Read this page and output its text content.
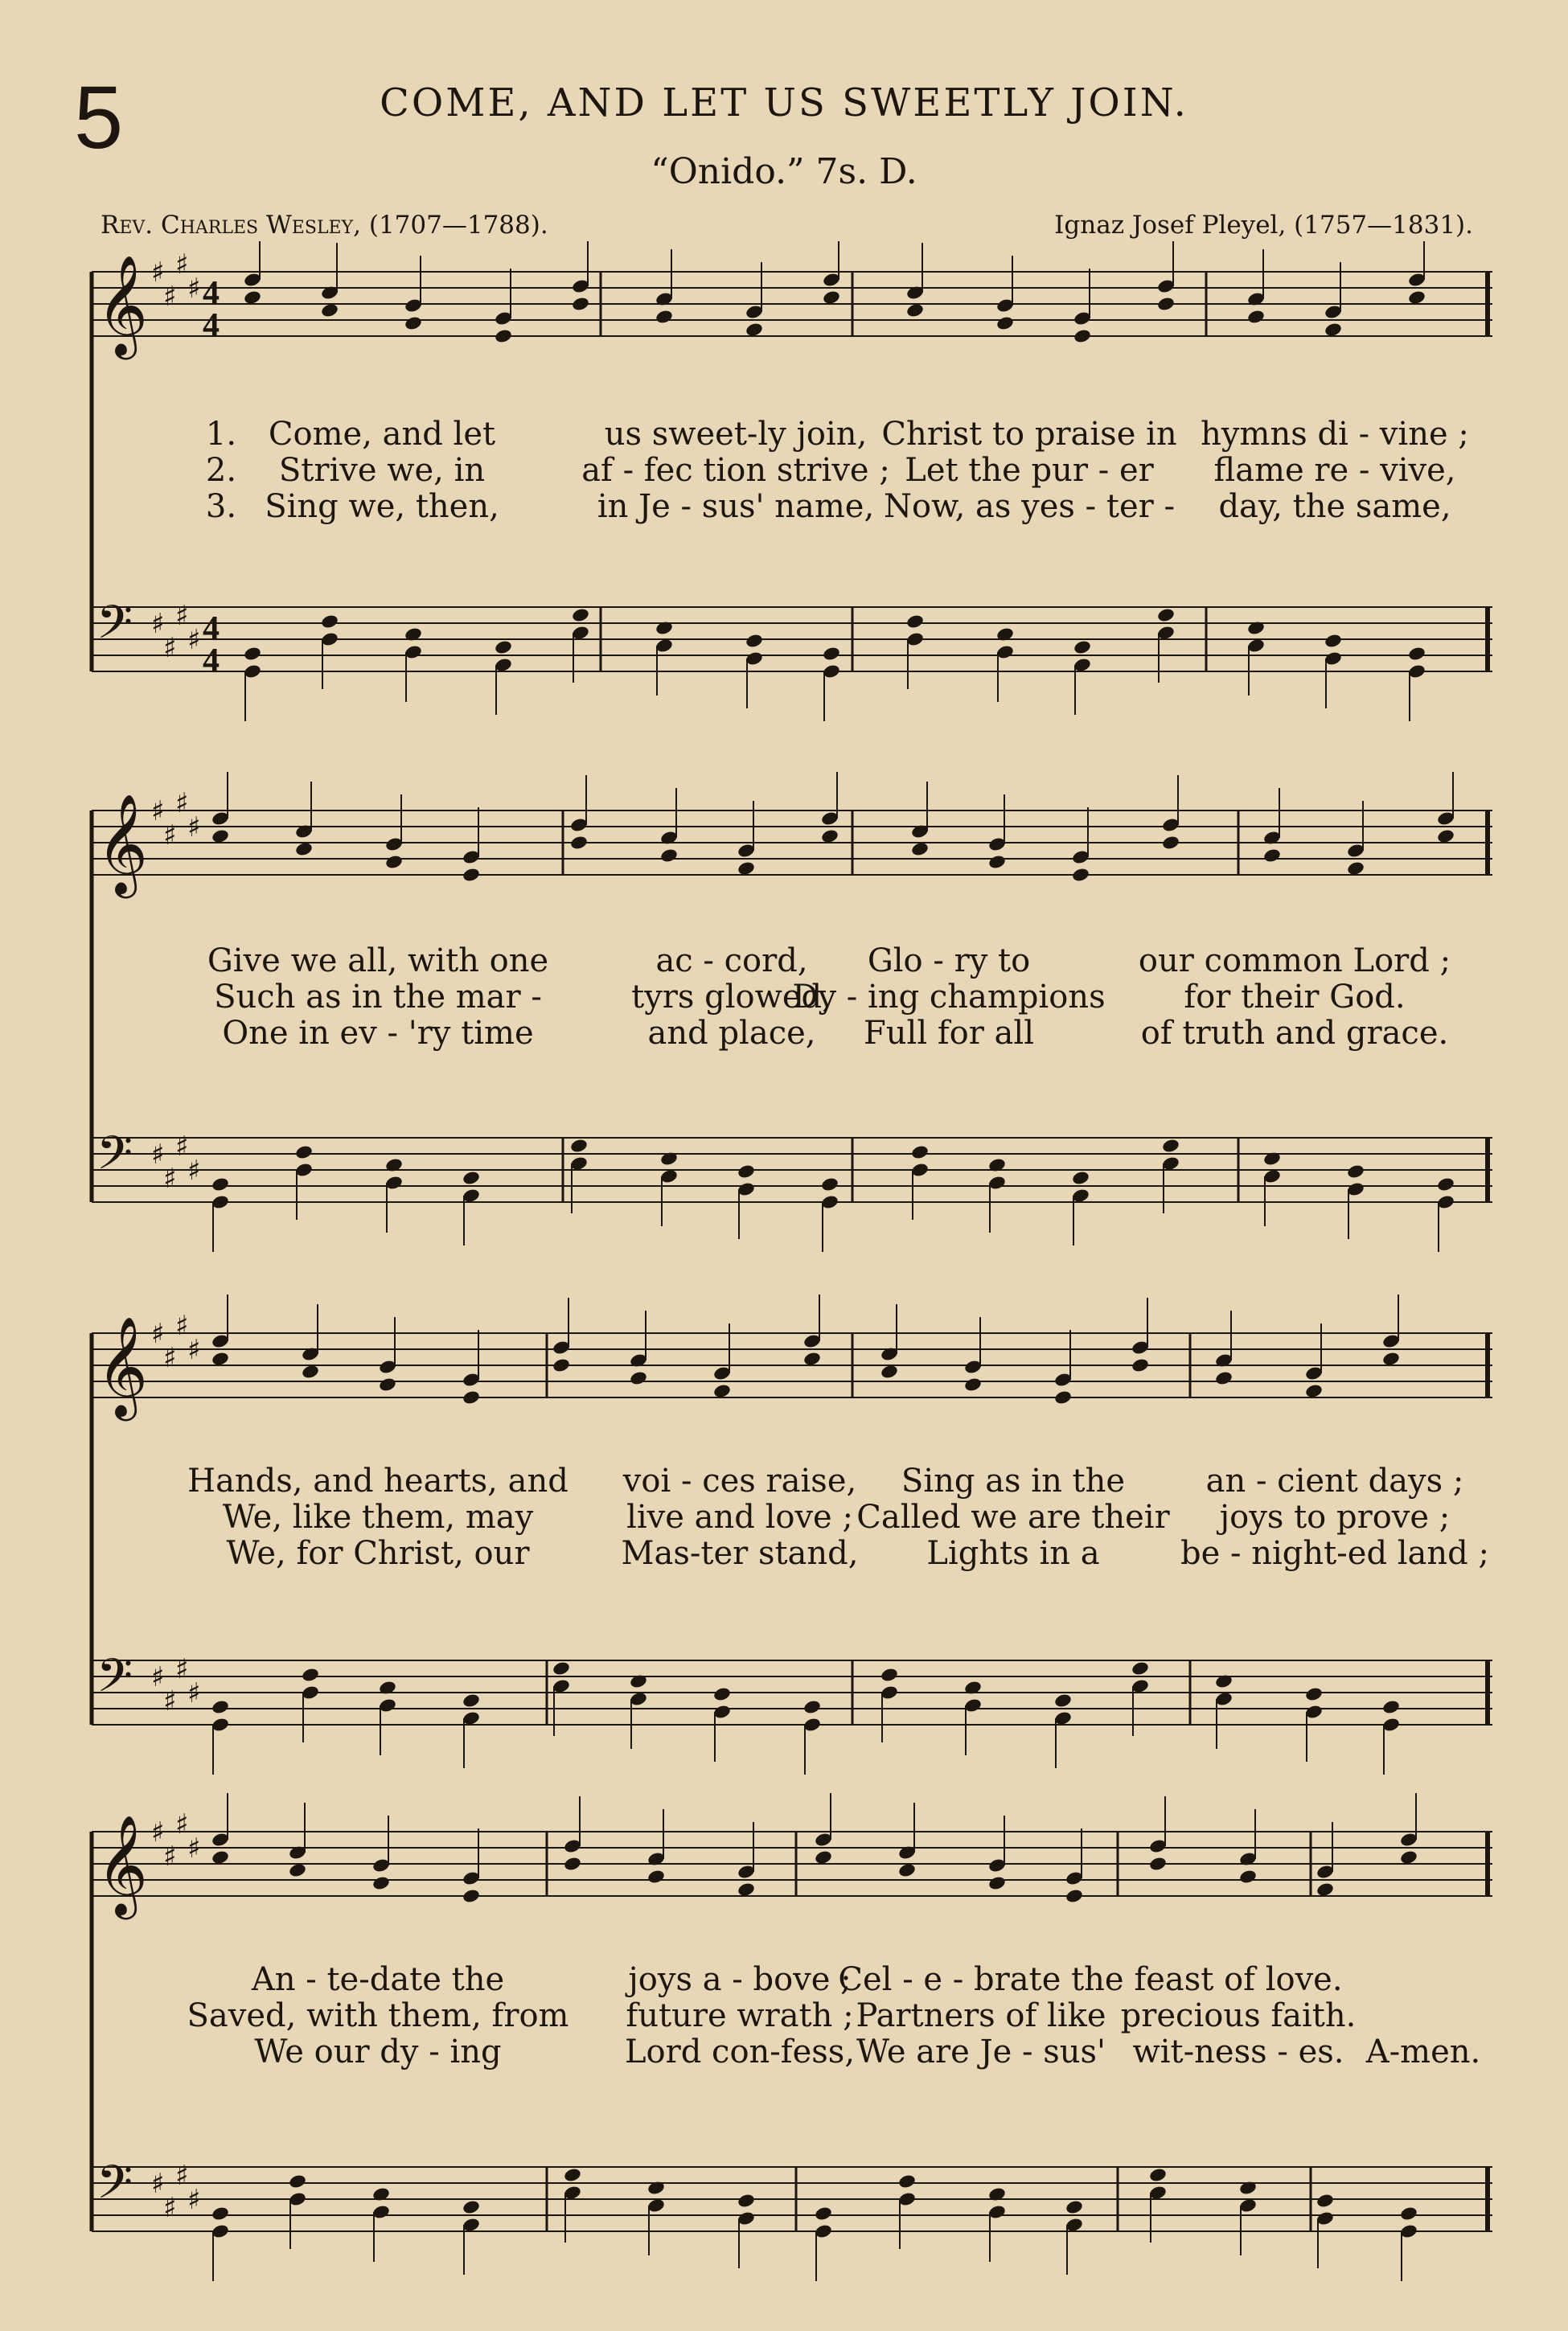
5	COME, AND LET US SWEETLY JOIN.
“Onido.” 7s. D.
Rev. Charles Wesley, (1707—1788).	Ignaz Josef Pleyel, (1757—1831).
𝄞 ♯
♯
♯
♯ 4
4
𝄢 ♯
♯
♯
♯ 4
4
1. Come, and let	us sweet-ly join, Christ to praise in hymns di - vine ;
2. Strive we, in	af - fec tion strive ; Let the pur - er flame re - vive,
3. Sing we, then,	in Je - sus' name, Now, as yes - ter - day, the same,
𝄞 ♯
♯
♯
♯
𝄢 ♯
♯
♯
♯
Give we all, with one	ac - cord, Glo - ry to	our common Lord ;
Such as in the mar -	tyrs glowed,
Dy - ing champions for their God.
One in ev - 'ry time	and place, Full for all	of truth and grace.
𝄞 ♯
♯
♯
♯
𝄢 ♯
♯
♯
♯
Hands, and hearts, and voi - ces raise, Sing as in the	an - cient days ;
We, like them, may	live and love ; Called we are their joys to prove ;
We, for Christ, our	Mas-ter stand, Lights in a	be - night-ed land ;
𝄞 ♯
♯
♯
♯
𝄢 ♯
♯
♯
♯
An - te-date the	joys a - bove ;
Cel - e - brate the feast of love.
Saved, with them, from future wrath ; Partners of like precious faith.
We our dy - ing	Lord con-fess, We are Je - sus' wit-ness - es. A-men.
